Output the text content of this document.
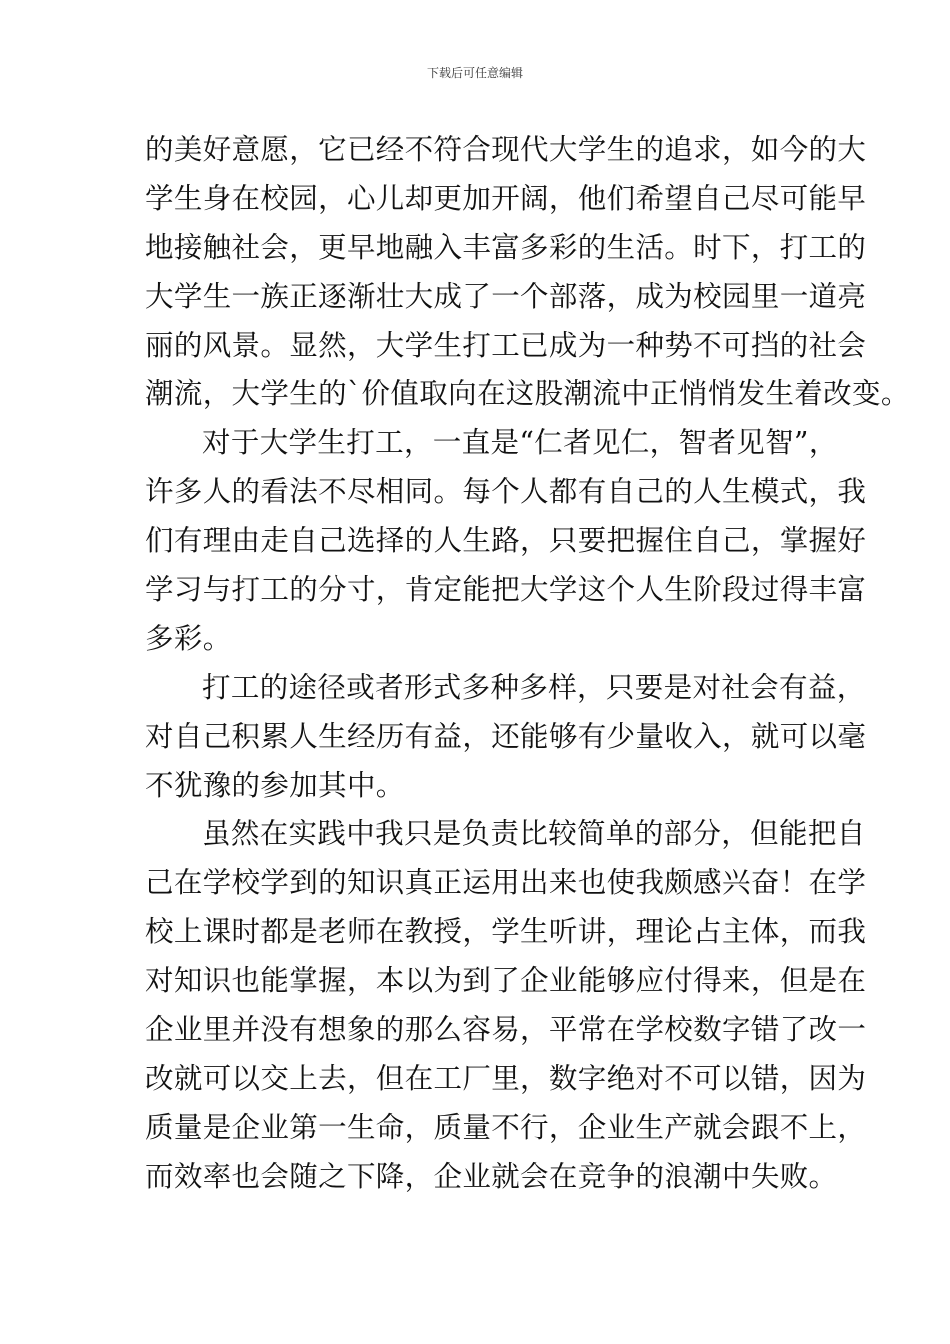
下载后可任意编辑
的美好意愿，它已经不符合现代大学生的追求，如今的大
学生身在校园，心儿却更加开阔，他们希望自己尽可能早
地接触社会，更早地融入丰富多彩的生活。时下，打工的
大学生一族正逐渐壮大成了一个部落，成为校园里一道亮
丽的风景。显然，大学生打工已成为一种势不可挡的社会
潮流，大学生的`价值取向在这股潮流中正悄悄发生着改变。
对于大学生打工，一直是“仁者见仁，智者见智”，
许多人的看法不尽相同。每个人都有自己的人生模式，我
们有理由走自己选择的人生路，只要把握住自己，掌握好
学习与打工的分寸，肯定能把大学这个人生阶段过得丰富
多彩。
打工的途径或者形式多种多样，只要是对社会有益，
对自己积累人生经历有益，还能够有少量收入，就可以毫
不犹豫的参加其中。
虽然在实践中我只是负责比较简单的部分，但能把自
己在学校学到的知识真正运用出来也使我颇感兴奋！在学
校上课时都是老师在教授，学生听讲，理论占主体，而我
对知识也能掌握，本以为到了企业能够应付得来，但是在
企业里并没有想象的那么容易，平常在学校数字错了改一
改就可以交上去，但在工厂里，数字绝对不可以错，因为
质量是企业第一生命，质量不行，企业生产就会跟不上，
而效率也会随之下降，企业就会在竞争的浪潮中失败。
